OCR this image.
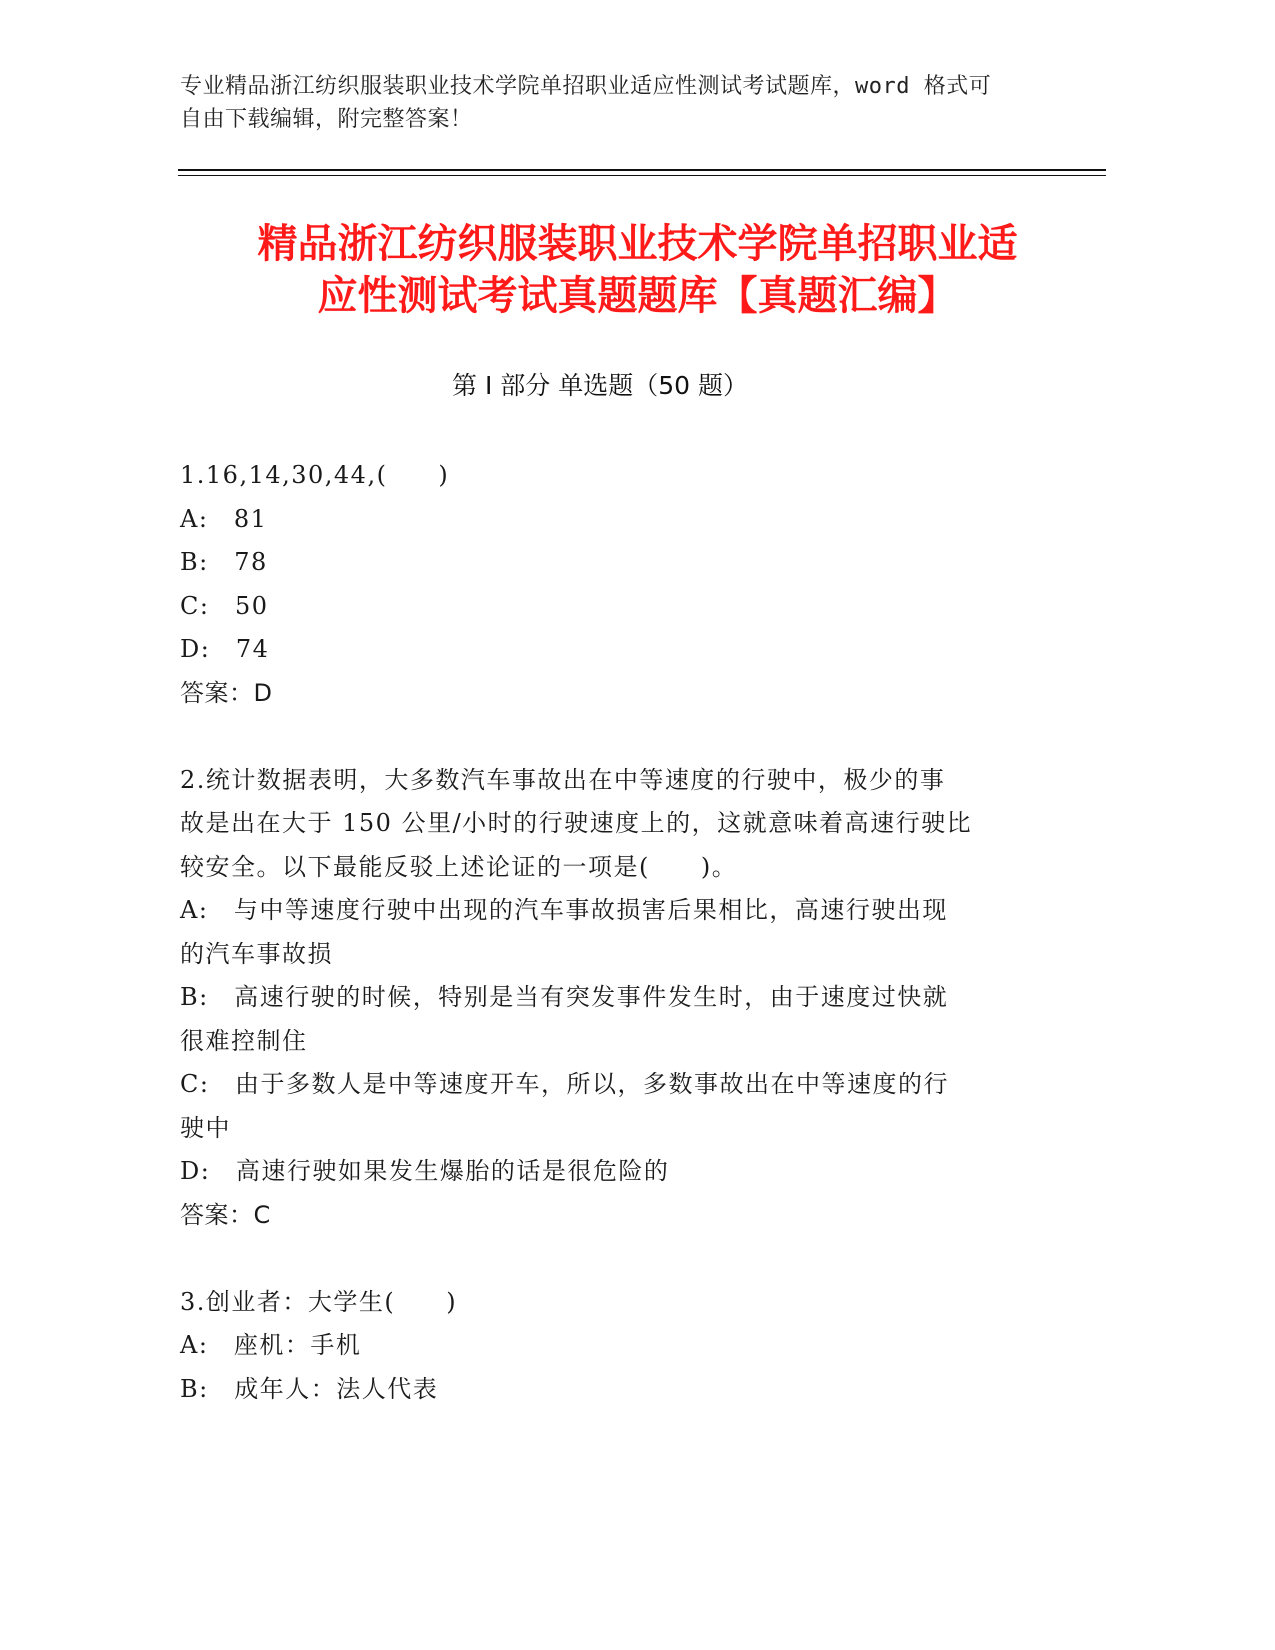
专业精品浙江纺织服装职业技术学院单招职业适应性测试考试题库，word 格式可
自由下载编辑，附完整答案！
精品浙江纺织服装职业技术学院单招职业适
应性测试考试真题题库【真题汇编】
第 I 部分 单选题（50 题）
1.16,14,30,44,(　　)
A:　81
B:　78
C:　50
D:　74
答案：D
2.统计数据表明，大多数汽车事故出在中等速度的行驶中，极少的事
故是出在大于 150 公里/小时的行驶速度上的，这就意味着高速行驶比
较安全。以下最能反驳上述论证的一项是(　　)。
A:　与中等速度行驶中出现的汽车事故损害后果相比，高速行驶出现
的汽车事故损
B:　高速行驶的时候，特别是当有突发事件发生时，由于速度过快就
很难控制住
C:　由于多数人是中等速度开车，所以，多数事故出在中等速度的行
驶中
D:　高速行驶如果发生爆胎的话是很危险的
答案：C
3.创业者：大学生(　　)
A:　座机：手机
B:　成年人：法人代表
